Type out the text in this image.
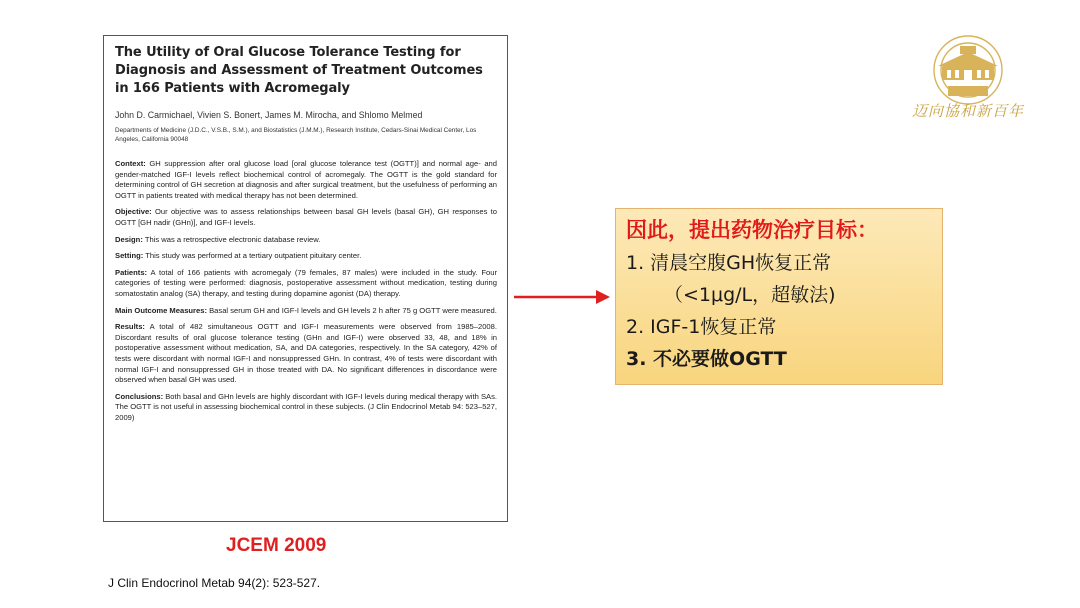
The Utility of Oral Glucose Tolerance Testing for Diagnosis and Assessment of Treatment Outcomes in 166 Patients with Acromegaly
John D. Carmichael, Vivien S. Bonert, James M. Mirocha, and Shlomo Melmed
Departments of Medicine (J.D.C., V.S.B., S.M.), and Biostatistics (J.M.M.), Research Institute, Cedars-Sinai Medical Center, Los Angeles, California 90048
Context: GH suppression after oral glucose load [oral glucose tolerance test (OGTT)] and normal age- and gender-matched IGF-I levels reflect biochemical control of acromegaly. The OGTT is the gold standard for determining control of GH secretion at diagnosis and after surgical treatment, but the usefulness of performing an OGTT in patients treated with medical therapy has not been determined.
Objective: Our objective was to assess relationships between basal GH levels (basal GH), GH responses to OGTT [GH nadir (GHn)], and IGF-I levels.
Design: This was a retrospective electronic database review.
Setting: This study was performed at a tertiary outpatient pituitary center.
Patients: A total of 166 patients with acromegaly (79 females, 87 males) were included in the study. Four categories of testing were performed: diagnosis, postoperative assessment without medication, testing during somatostatin analog (SA) therapy, and testing during dopamine agonist (DA) therapy.
Main Outcome Measures: Basal serum GH and IGF-I levels and GH levels 2 h after 75 g OGTT were measured.
Results: A total of 482 simultaneous OGTT and IGF-I measurements were observed from 1985–2008. Discordant results of oral glucose tolerance testing (GHn and IGF-I) were observed 33, 48, and 18% in postoperative assessment without medication, SA, and DA categories, respectively. In the SA category, 42% of tests were discordant with normal IGF-I and nonsuppressed GHn. In contrast, 4% of tests were discordant with normal IGF-I and nonsuppressed GH in those treated with DA. No significant differences in discordance were observed when basal GH was used.
Conclusions: Both basal and GHn levels are highly discordant with IGF-I levels during medical therapy with SAs. The OGTT is not useful in assessing biochemical control in these subjects. (J Clin Endocrinol Metab 94: 523–527, 2009)
JCEM 2009
J Clin Endocrinol Metab 94(2): 523-527.
因此，提出药物治疗目标：
1. 清晨空腹GH恢复正常
（<1μg/L，超敏法)
2. IGF-1恢复正常
3. 不必要做OGTT
迈向協和新百年
